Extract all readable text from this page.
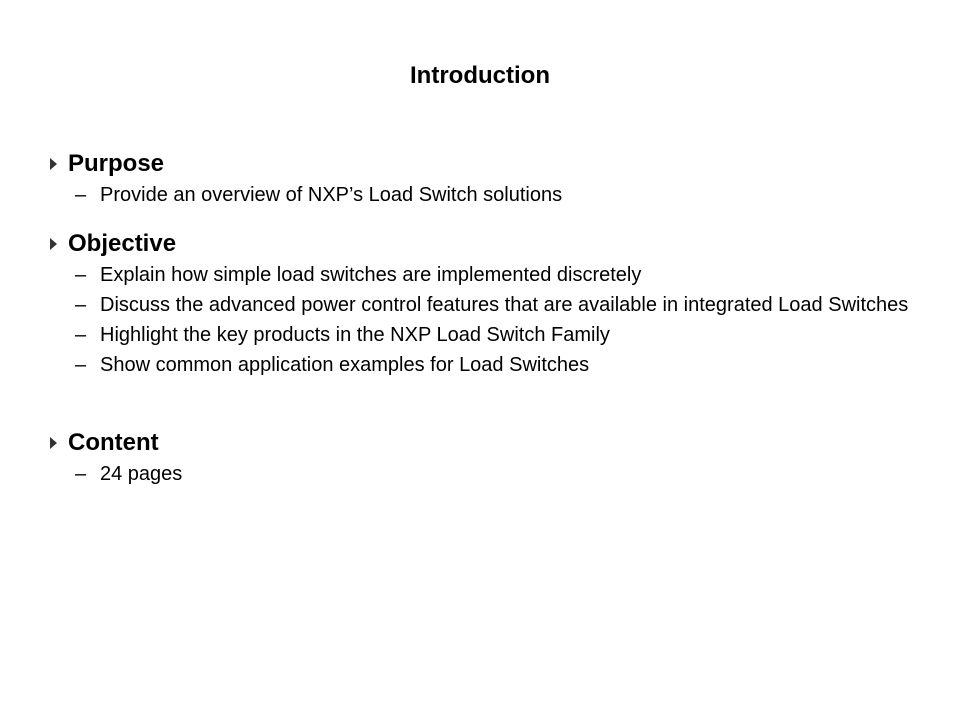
Introduction
Purpose
– Provide an overview of NXP’s Load Switch solutions
Objective
– Explain how simple load switches are implemented discretely
– Discuss the advanced power control features that are available in integrated Load Switches
– Highlight the key products in the NXP Load Switch Family
– Show common application examples for Load Switches
Content
– 24 pages
